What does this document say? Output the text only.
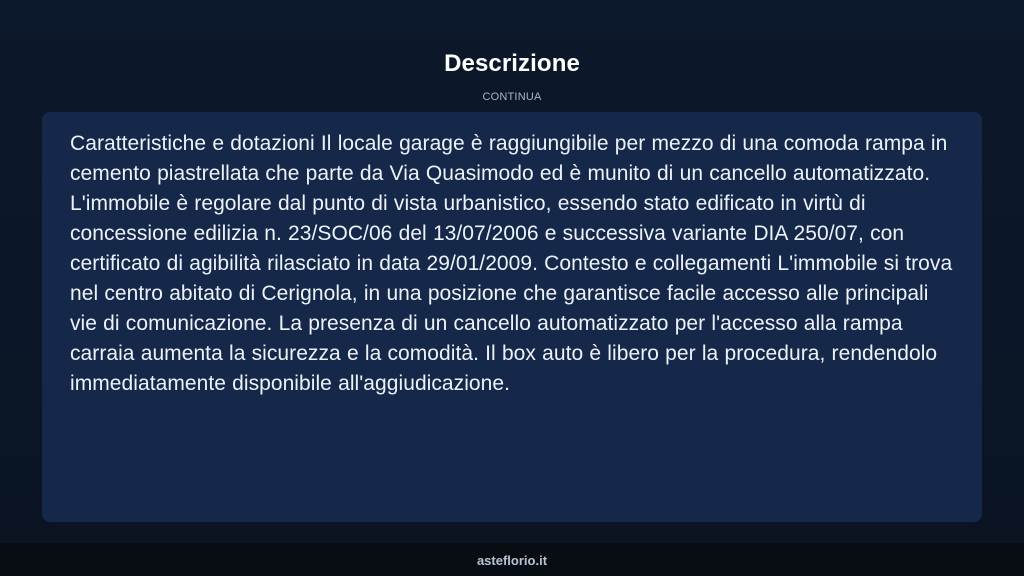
Descrizione
CONTINUA

Caratteristiche e dotazioni Il locale garage è raggiungibile per mezzo di una comoda rampa in cemento piastrellata che parte da Via Quasimodo ed è munito di un cancello automatizzato. L'immobile è regolare dal punto di vista urbanistico, essendo stato edificato in virtù di concessione edilizia n. 23/SOC/06 del 13/07/2006 e successiva variante DIA 250/07, con certificato di agibilità rilasciato in data 29/01/2009. Contesto e collegamenti L'immobile si trova nel centro abitato di Cerignola, in una posizione che garantisce facile accesso alle principali vie di comunicazione. La presenza di un cancello automatizzato per l'accesso alla rampa carraia aumenta la sicurezza e la comodità. Il box auto è libero per la procedura, rendendolo immediatamente disponibile all'aggiudicazione.

asteflorio.it
